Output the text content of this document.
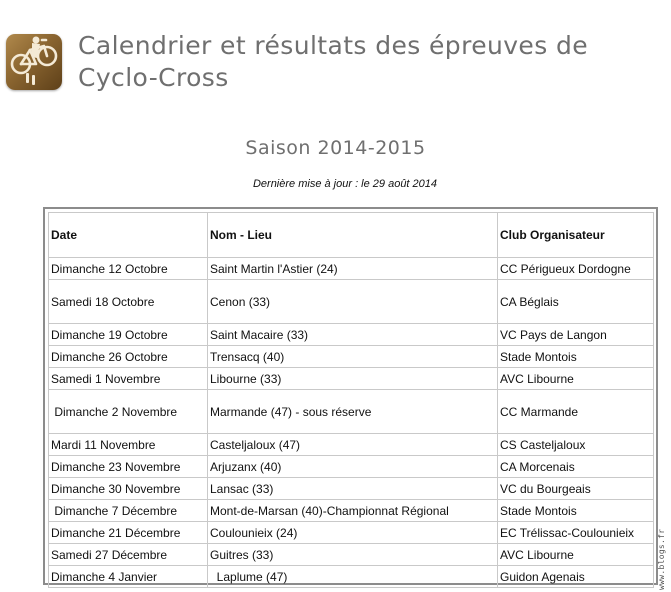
Calendrier et résultats des épreuves de Cyclo-Cross
Saison 2014-2015
Dernière mise à jour : le 29 août 2014
Date	Nom - Lieu	Club Organisateur
Dimanche 12 Octobre	Saint Martin l'Astier (24)	CC Périgueux Dordogne
Samedi 18 Octobre	Cenon (33)	CA Béglais
Dimanche 19 Octobre	Saint Macaire (33)	VC Pays de Langon
Dimanche 26 Octobre	Trensacq (40)	Stade Montois
Samedi 1 Novembre	Libourne (33)	AVC Libourne
Dimanche 2 Novembre	Marmande (47) - sous réserve	CC Marmande
Mardi 11 Novembre	Casteljaloux (47)	CS Casteljaloux
Dimanche 23 Novembre	Arjuzanx (40)	CA Morcenais
Dimanche 30 Novembre	Lansac (33)	VC du Bourgeais
Dimanche 7 Décembre	Mont-de-Marsan (40)-Championnat Régional	Stade Montois
Dimanche 21 Décembre	Coulounieix (24)	EC Trélissac-Coulounieix
Samedi 27 Décembre	Guitres (33)	AVC Libourne
Dimanche 4 Janvier	Laplume (47)	Guidon Agenais	www.blogs.fr
